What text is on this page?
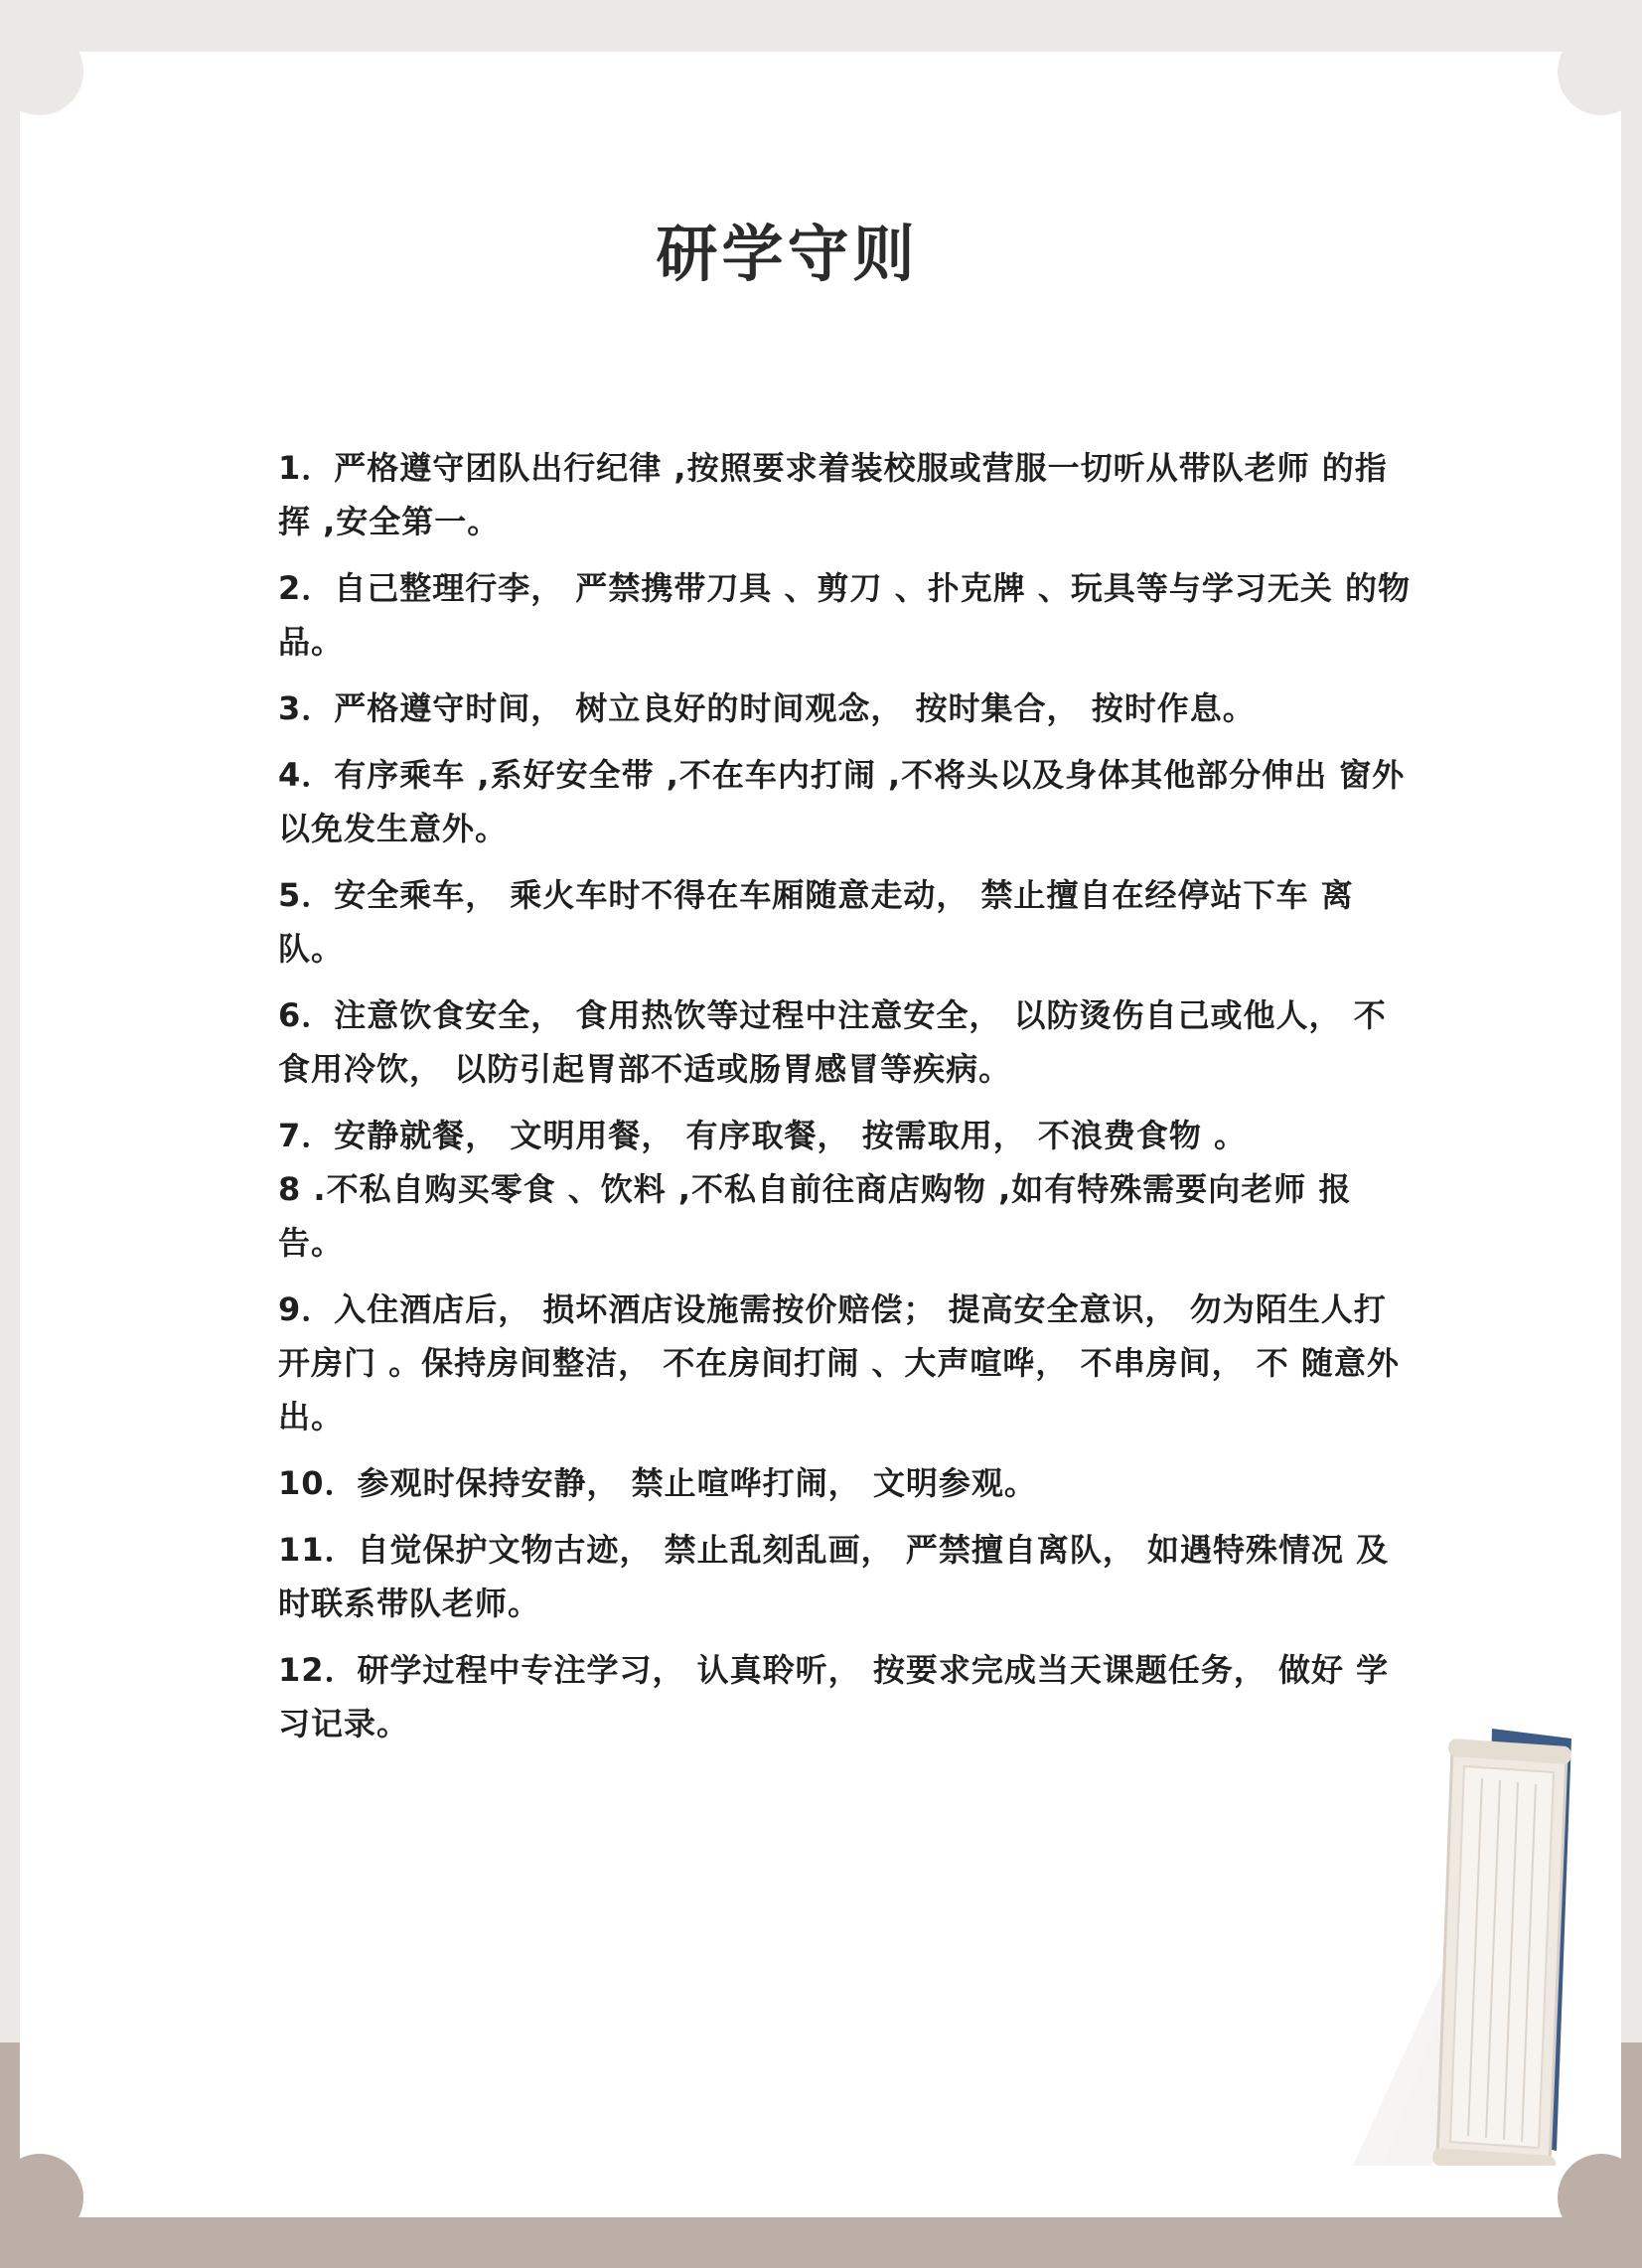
研学守则
1．严格遵守团队出行纪律 ,按照要求着装校服或营服一切听从带队老师 的指挥 ,安全第一。
2．自己整理行李， 严禁携带刀具 、剪刀 、扑克牌 、玩具等与学习无关 的物品。
3．严格遵守时间， 树立良好的时间观念， 按时集合， 按时作息。
4．有序乘车 ,系好安全带 ,不在车内打闹 ,不将头以及身体其他部分伸出 窗外以免发生意外。
5．安全乘车， 乘火车时不得在车厢随意走动， 禁止擅自在经停站下车 离队。
6．注意饮食安全， 食用热饮等过程中注意安全， 以防烫伤自己或他人， 不食用冷饮， 以防引起胃部不适或肠胃感冒等疾病。
7．安静就餐， 文明用餐， 有序取餐， 按需取用， 不浪费食物 。
8 .不私自购买零食 、饮料 ,不私自前往商店购物 ,如有特殊需要向老师 报告。
9．入住酒店后， 损坏酒店设施需按价赔偿； 提高安全意识， 勿为陌生人打开房门 。保持房间整洁， 不在房间打闹 、大声喧哗， 不串房间， 不 随意外出。
10．参观时保持安静， 禁止喧哗打闹， 文明参观。
11．自觉保护文物古迹， 禁止乱刻乱画， 严禁擅自离队， 如遇特殊情况 及时联系带队老师。
12．研学过程中专注学习， 认真聆听， 按要求完成当天课题任务， 做好 学习记录。
